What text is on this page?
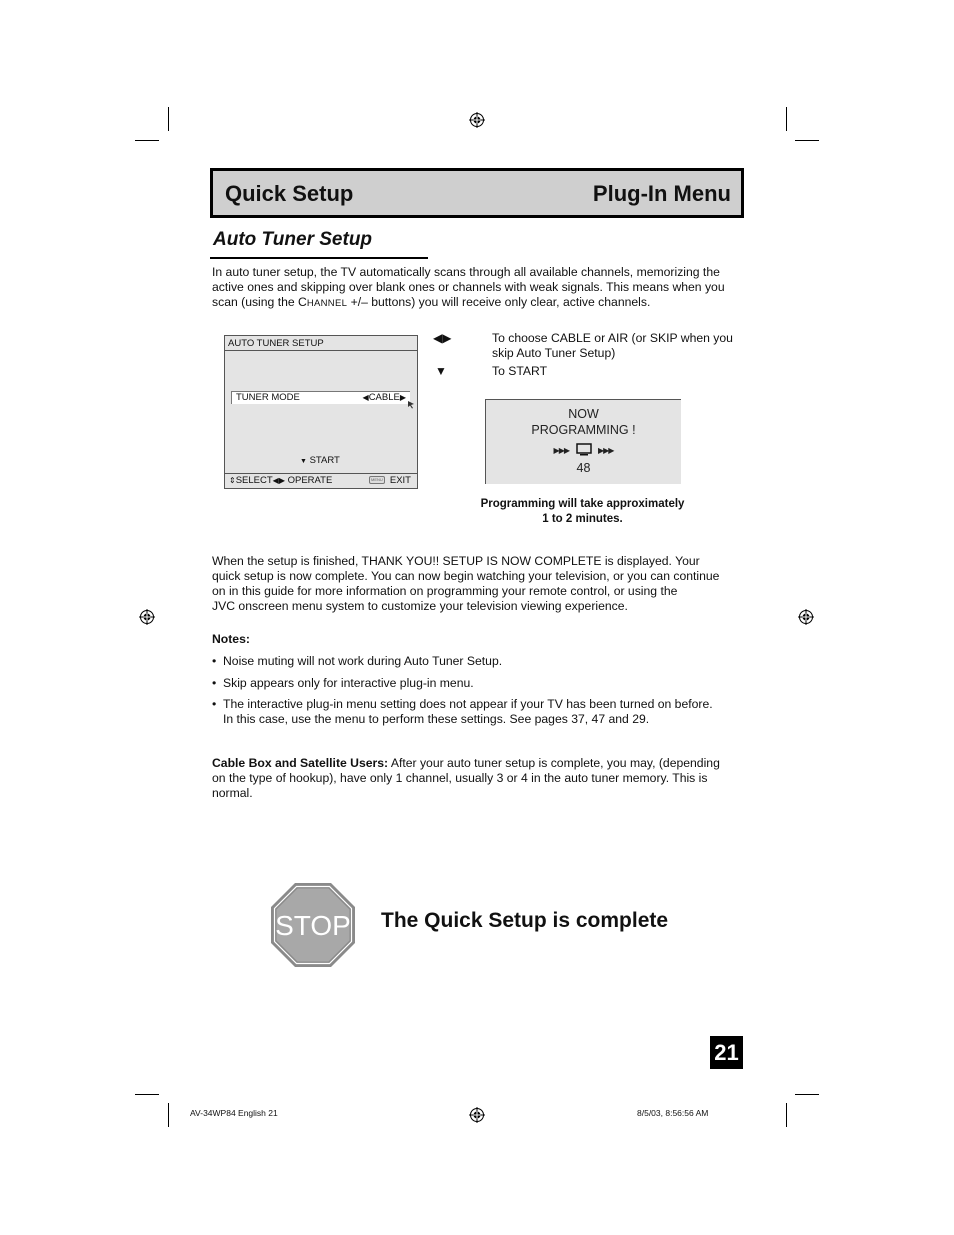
Quick Setup	Plug-In Menu
Auto Tuner Setup
In auto tuner setup, the TV automatically scans through all available channels, memorizing the
active ones and skipping over blank ones or channels with weak signals. This means when you
scan (using the CHANNEL +/– buttons) you will receive only clear, active channels.
AUTO TUNER SETUP
TUNER MODE	◀CABLE▶
▼ START
⇕SELECT◀▶ OPERATE	MENU EXIT
◀▶	To choose CABLE or AIR (or SKIP when you
skip Auto Tuner Setup)
▼	To START
NOW
PROGRAMMING !
▶▶▶	▶▶▶
48
Programming will take approximately
1 to 2 minutes.
When the setup is finished, THANK YOU!! SETUP IS NOW COMPLETE is displayed. Your
quick setup is now complete. You can now begin watching your television, or you can continue
on in this guide for more information on programming your remote control, or using the
JVC onscreen menu system to customize your television viewing experience.
Notes:
• Noise muting will not work during Auto Tuner Setup.
• Skip appears only for interactive plug-in menu.
• The interactive plug-in menu setting does not appear if your TV has been turned on before.
In this case, use the menu to perform these settings. See pages 37, 47 and 29.
Cable Box and Satellite Users: After your auto tuner setup is complete, you may, (depending
on the type of hookup), have only 1 channel, usually 3 or 4 in the auto tuner memory. This is
normal.
STOP The Quick Setup is complete
21
AV-34WP84 English 21	8/5/03, 8:56:56 AM
